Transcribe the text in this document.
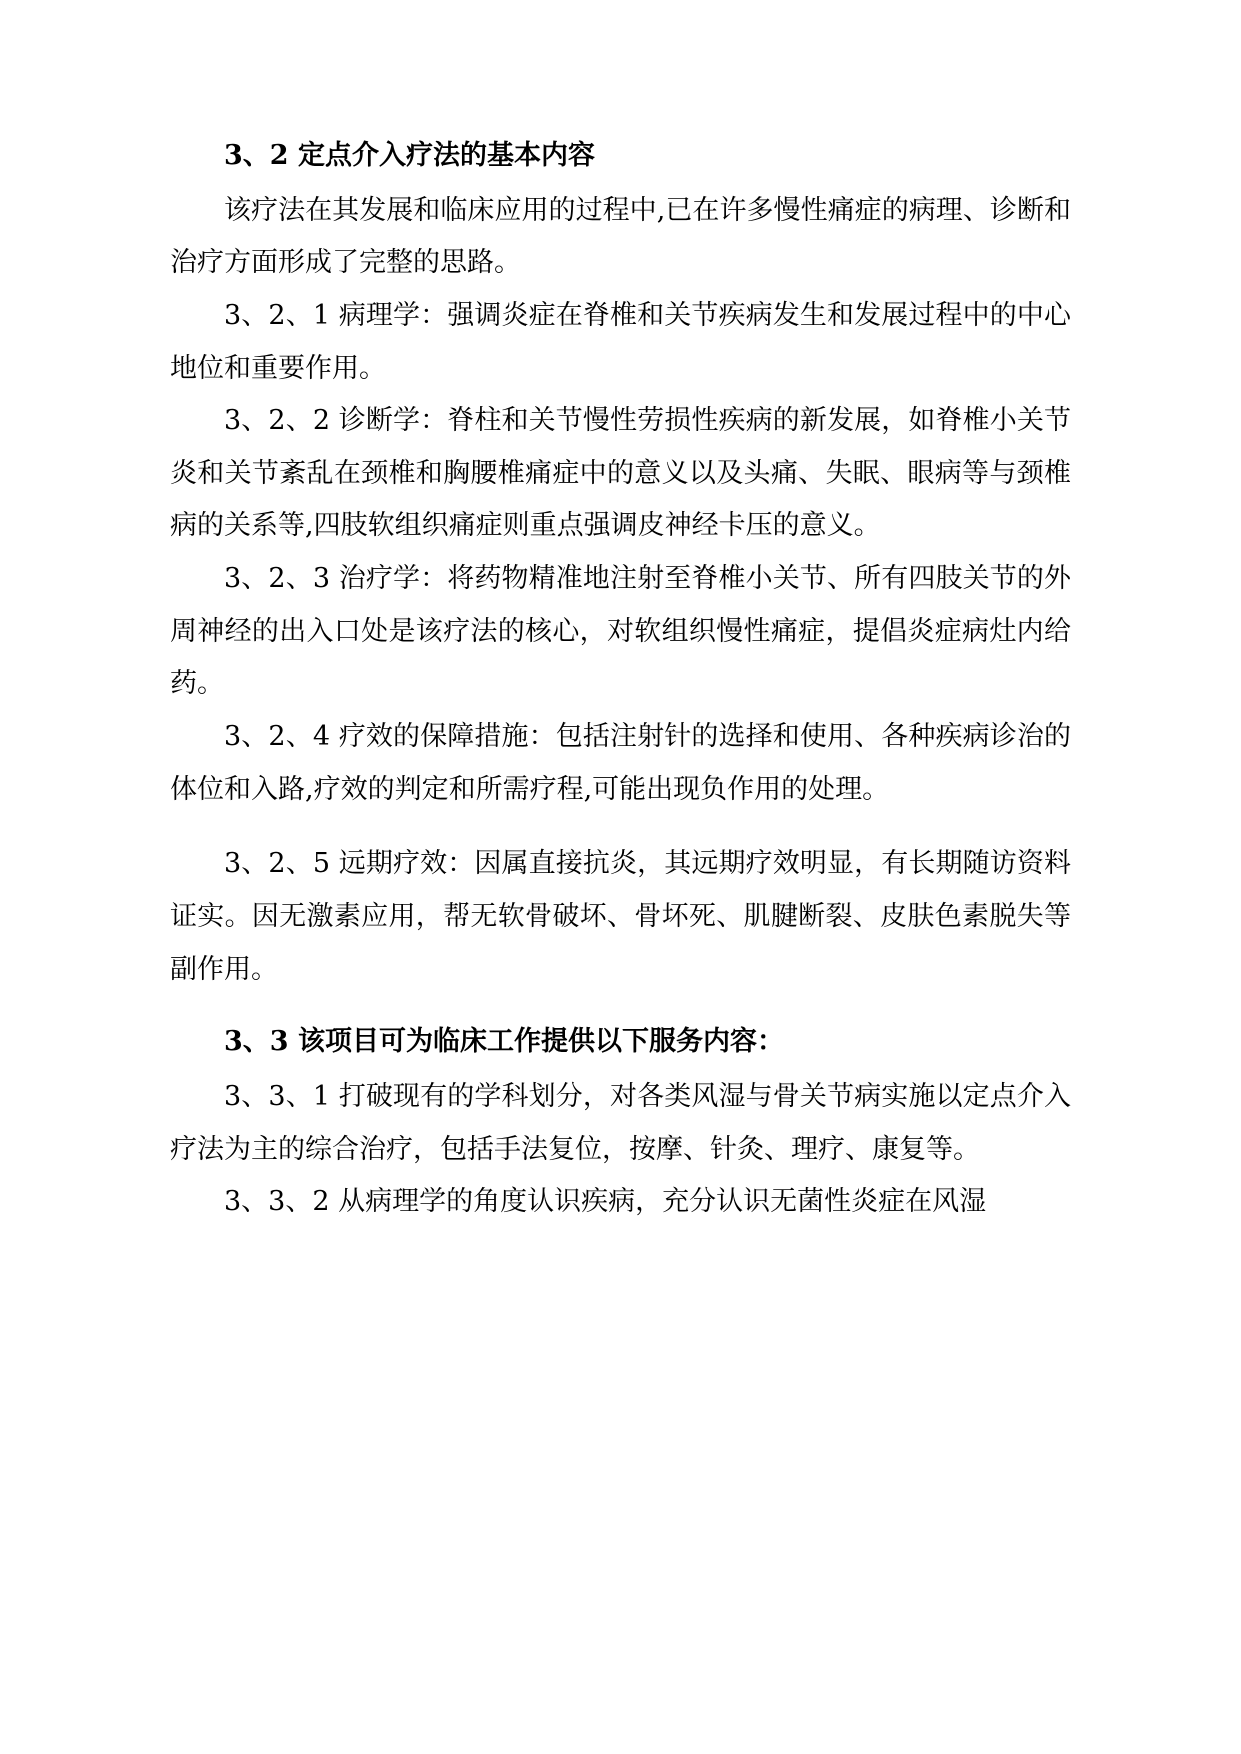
3、2 定点介入疗法的基本内容

该疗法在其发展和临床应用的过程中,已在许多慢性痛症的病理、诊断和治疗方面形成了完整的思路。

3、2、1 病理学：强调炎症在脊椎和关节疾病发生和发展过程中的中心地位和重要作用。

3、2、2 诊断学：脊柱和关节慢性劳损性疾病的新发展，如脊椎小关节炎和关节紊乱在颈椎和胸腰椎痛症中的意义以及头痛、失眠、眼病等与颈椎病的关系等,四肢软组织痛症则重点强调皮神经卡压的意义。

3、2、3 治疗学：将药物精准地注射至脊椎小关节、所有四肢关节的外周神经的出入口处是该疗法的核心，对软组织慢性痛症，提倡炎症病灶内给药。

3、2、4 疗效的保障措施：包括注射针的选择和使用、各种疾病诊治的体位和入路,疗效的判定和所需疗程,可能出现负作用的处理。

3、2、5 远期疗效：因属直接抗炎，其远期疗效明显，有长期随访资料证实。因无激素应用，帮无软骨破坏、骨坏死、肌腱断裂、皮肤色素脱失等副作用。

3、3 该项目可为临床工作提供以下服务内容：

3、3、1 打破现有的学科划分，对各类风湿与骨关节病实施以定点介入疗法为主的综合治疗，包括手法复位，按摩、针灸、理疗、康复等。

3、3、2 从病理学的角度认识疾病，充分认识无菌性炎症在风湿
